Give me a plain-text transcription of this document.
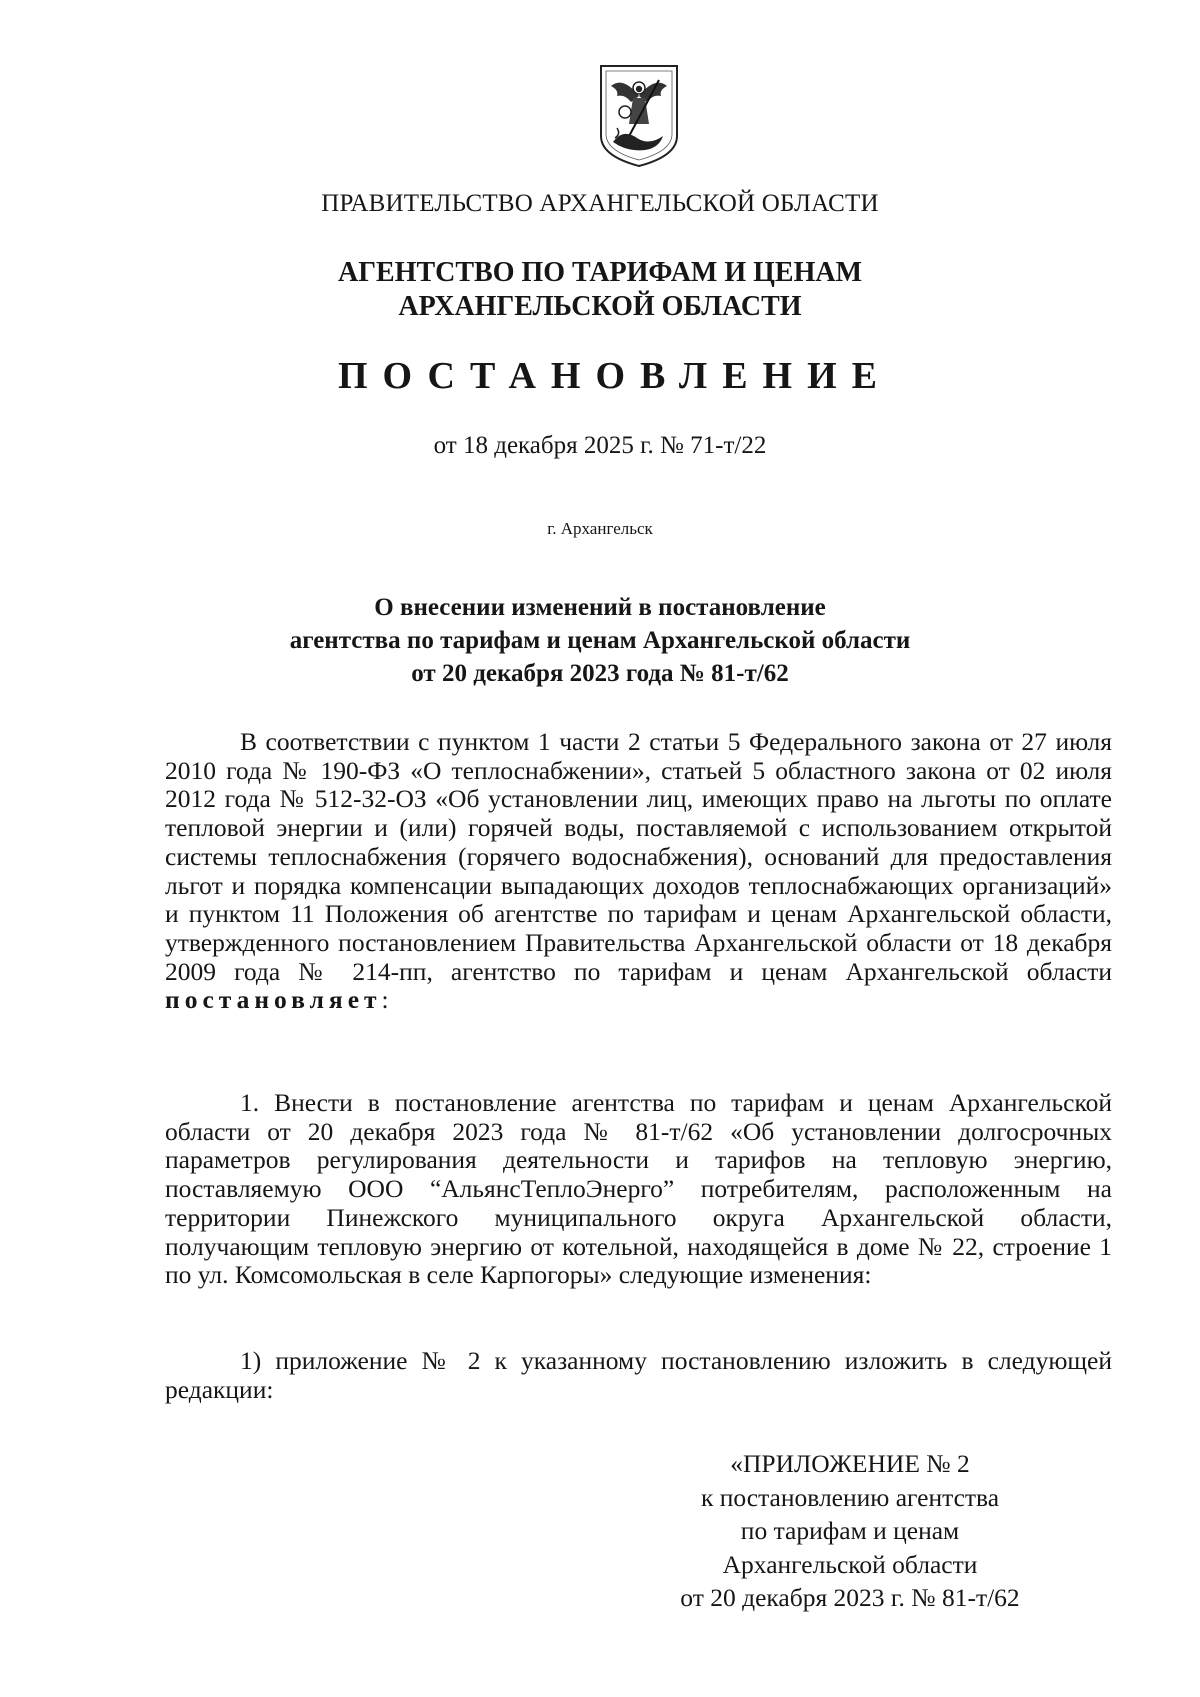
ПРАВИТЕЛЬСТВО АРХАНГЕЛЬСКОЙ ОБЛАСТИ
АГЕНТСТВО ПО ТАРИФАМ И ЦЕНАМ
АРХАНГЕЛЬСКОЙ ОБЛАСТИ
ПОСТАНОВЛЕНИЕ
от 18 декабря 2025 г. № 71-т/22
г. Архангельск
О внесении изменений в постановление
агентства по тарифам и ценам Архангельской области
от 20 декабря 2023 года № 81-т/62
В соответствии с пунктом 1 части 2 статьи 5 Федерального закона от 27 июля 2010 года № 190-ФЗ «О теплоснабжении», статьей 5 областного закона от 02 июля 2012 года № 512-32-ОЗ «Об установлении лиц, имеющих право на льготы по оплате тепловой энергии и (или) горячей воды, поставляемой с использованием открытой системы теплоснабжения (горячего водоснабжения), оснований для предоставления льгот и порядка компенсации выпадающих доходов теплоснабжающих организаций» и пунктом 11 Положения об агентстве по тарифам и ценам Архангельской области, утвержденного постановлением Правительства Архангельской области от 18 декабря 2009 года № 214-пп, агентство по тарифам и ценам Архангельской области постановляет:
1. Внести в постановление агентства по тарифам и ценам Архангельской области от 20 декабря 2023 года № 81-т/62 «Об установлении долгосрочных параметров регулирования деятельности и тарифов на тепловую энергию, поставляемую ООО “АльянсТеплоЭнерго” потребителям, расположенным на территории Пинежского муниципального округа Архангельской области, получающим тепловую энергию от котельной, находящейся в доме № 22, строение 1 по ул. Комсомольская в селе Карпогоры» следующие изменения:
1) приложение № 2 к указанному постановлению изложить в следующей редакции:
«ПРИЛОЖЕНИЕ № 2
к постановлению агентства
по тарифам и ценам
Архангельской области
от 20 декабря 2023 г. № 81-т/62
